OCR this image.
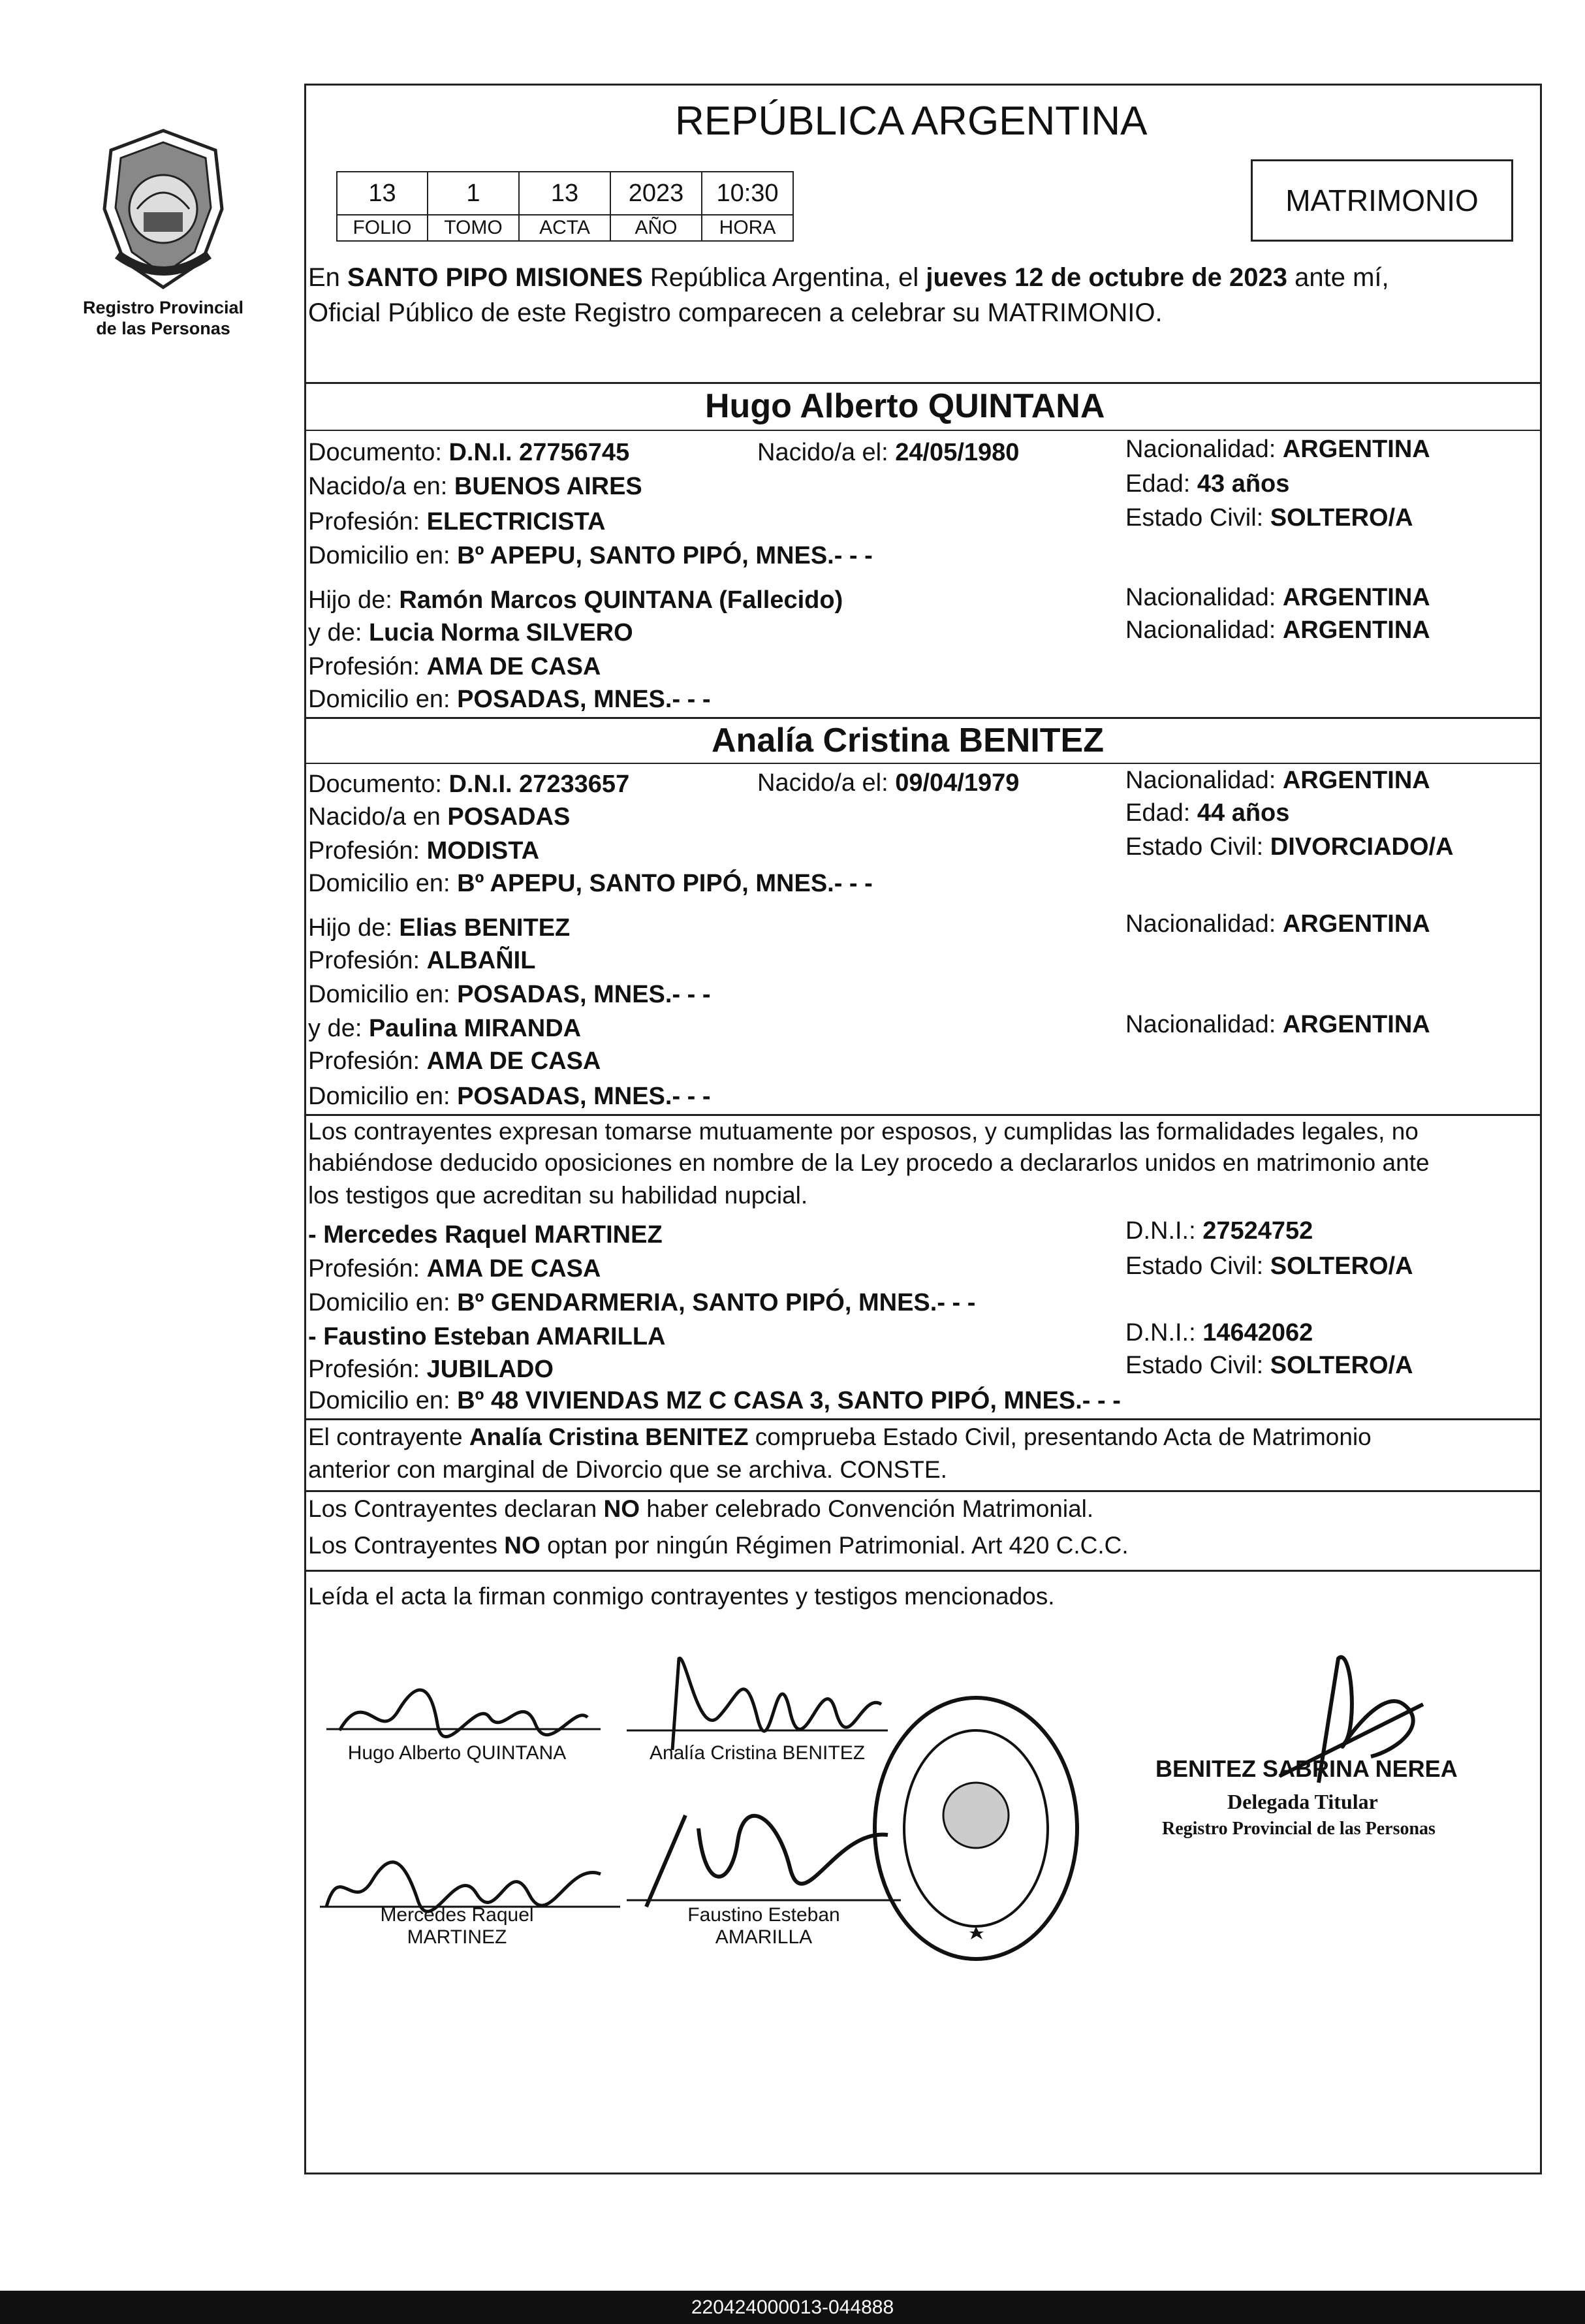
Registro Provincial
de las Personas
REPÚBLICA ARGENTINA
13	1	13	2023	10:30
FOLIO	TOMO	ACTA	AÑO	HORA
MATRIMONIO
En SANTO PIPO MISIONES República Argentina, el jueves 12 de octubre de 2023 ante mí,
Oficial Público de este Registro comparecen a celebrar su MATRIMONIO.
Hugo Alberto QUINTANA
Documento: D.N.I. 27756745	Nacido/a el: 24/05/1980	Nacionalidad: ARGENTINA
Nacido/a en: BUENOS AIRES	Edad: 43 años
Profesión: ELECTRICISTA	Estado Civil: SOLTERO/A
Domicilio en: Bº APEPU, SANTO PIPÓ, MNES.- - -
Hijo de: Ramón Marcos QUINTANA (Fallecido)	Nacionalidad: ARGENTINA
y de: Lucia Norma SILVERO	Nacionalidad: ARGENTINA
Profesión: AMA DE CASA
Domicilio en: POSADAS, MNES.- - -
Analía Cristina BENITEZ
Documento: D.N.I. 27233657	Nacido/a el: 09/04/1979	Nacionalidad: ARGENTINA
Nacido/a en POSADAS	Edad: 44 años
Profesión: MODISTA	Estado Civil: DIVORCIADO/A
Domicilio en: Bº APEPU, SANTO PIPÓ, MNES.- - -
Hijo de: Elias BENITEZ	Nacionalidad: ARGENTINA
Profesión: ALBAÑIL
Domicilio en: POSADAS, MNES.- - -
y de: Paulina MIRANDA	Nacionalidad: ARGENTINA
Profesión: AMA DE CASA
Domicilio en: POSADAS, MNES.- - -
Los contrayentes expresan tomarse mutuamente por esposos, y cumplidas las formalidades legales, no
habiéndose deducido oposiciones en nombre de la Ley procedo a declararlos unidos en matrimonio ante
los testigos que acreditan su habilidad nupcial.
- Mercedes Raquel MARTINEZ	D.N.I.: 27524752
Profesión: AMA DE CASA	Estado Civil: SOLTERO/A
Domicilio en: Bº GENDARMERIA, SANTO PIPÓ, MNES.- - -
- Faustino Esteban AMARILLA	D.N.I.: 14642062
Profesión: JUBILADO	Estado Civil: SOLTERO/A
Domicilio en: Bº 48 VIVIENDAS MZ C CASA 3, SANTO PIPÓ, MNES.- - -
El contrayente Analía Cristina BENITEZ comprueba Estado Civil, presentando Acta de Matrimonio
anterior con marginal de Divorcio que se archiva. CONSTE.
Los Contrayentes declaran NO haber celebrado Convención Matrimonial.
Los Contrayentes NO optan por ningún Régimen Patrimonial. Art 420 C.C.C.
Leída el acta la firman conmigo contrayentes y testigos mencionados.
Hugo Alberto QUINTANA	Analía Cristina BENITEZ
Mercedes Raquel
MARTINEZ
Faustino Esteban
AMARILLA
BENITEZ SABRINA NEREA
Delegada Titular
Registro Provincial de las Personas
220424000013-044888
